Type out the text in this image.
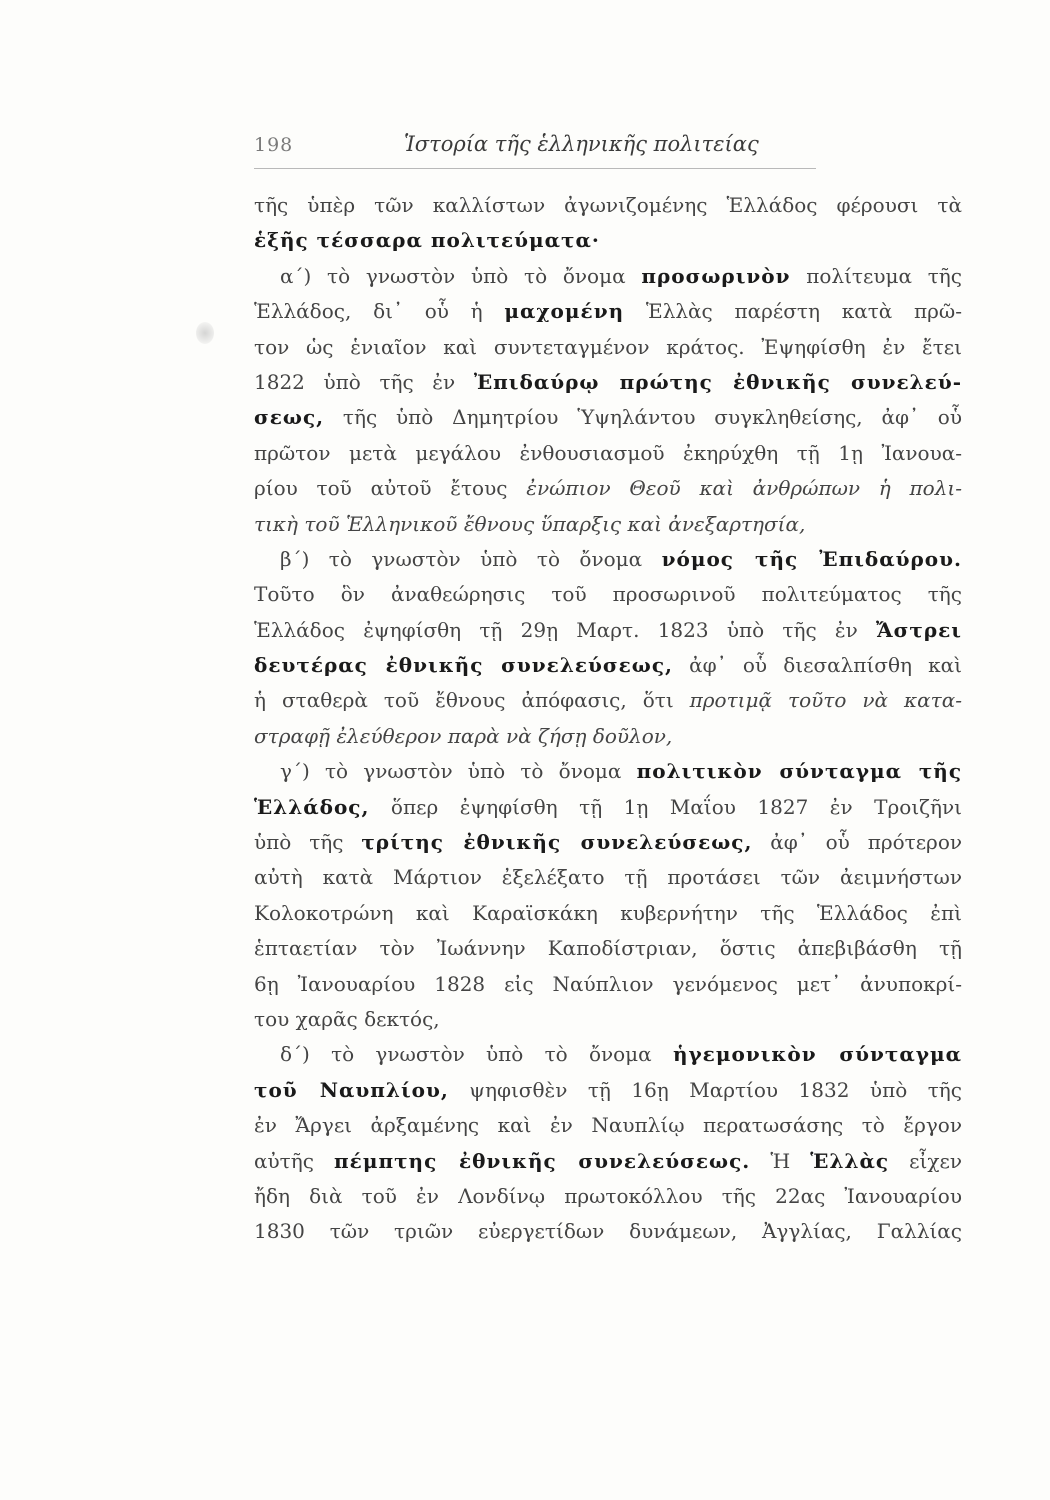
198	Ἱστορία τῆς ἑλληνικῆς πολιτείας
τῆς ὑπὲρ τῶν καλλίστων ἀγωνιζομένης Ἑλλάδος φέρουσι τὰ
ἑξῆς τέσσαρα πολιτεύματα·
α´) τὸ γνωστὸν ὑπὸ τὸ ὄνομα προσωρινὸν πολίτευμα τῆς
Ἑλλάδος, δι᾽ οὗ ἡ μαχομένη Ἑλλὰς παρέστη κατὰ πρῶ-
τον ὡς ἑνιαῖον καὶ συντεταγμένον κράτος. Ἐψηφίσθη ἐν ἔτει
1822 ὑπὸ τῆς ἐν Ἐπιδαύρῳ πρώτης ἐθνικῆς συνελεύ-
σεως, τῆς ὑπὸ Δημητρίου Ὑψηλάντου συγκληθείσης, ἀφ᾽ οὗ
πρῶτον μετὰ μεγάλου ἐνθουσιασμοῦ ἐκηρύχθη τῇ 1ῃ Ἰανουα-
ρίου τοῦ αὐτοῦ ἔτους ἐνώπιον Θεοῦ καὶ ἀνθρώπων ἡ πολι-
τικὴ τοῦ Ἑλληνικοῦ ἔθνους ὕπαρξις καὶ ἀνεξαρτησία,
β´) τὸ γνωστὸν ὑπὸ τὸ ὄνομα νόμος τῆς Ἐπιδαύρου.
Τοῦτο ὃν ἀναθεώρησις τοῦ προσωρινοῦ πολιτεύματος τῆς
Ἑλλάδος ἐψηφίσθη τῇ 29ῃ Μαρτ. 1823 ὑπὸ τῆς ἐν Ἄστρει
δευτέρας ἐθνικῆς συνελεύσεως, ἀφ᾽ οὗ διεσαλπίσθη καὶ
ἡ σταθερὰ τοῦ ἔθνους ἀπόφασις, ὅτι προτιμᾷ τοῦτο νὰ κατα-
στραφῇ ἐλεύθερον παρὰ νὰ ζήσῃ δοῦλον,
γ´) τὸ γνωστὸν ὑπὸ τὸ ὄνομα πολιτικὸν σύνταγμα τῆς
Ἑλλάδος, ὅπερ ἐψηφίσθη τῇ 1ῃ Μαΐου 1827 ἐν Τροιζῆνι
ὑπὸ τῆς τρίτης ἐθνικῆς συνελεύσεως, ἀφ᾽ οὗ πρότερον
αὐτὴ κατὰ Μάρτιον ἐξελέξατο τῇ προτάσει τῶν ἀειμνήστων
Κολοκοτρώνη καὶ Καραϊσκάκη κυβερνήτην τῆς Ἑλλάδος ἐπὶ
ἑπταετίαν τὸν Ἰωάννην Καποδίστριαν, ὅστις ἀπεβιβάσθη τῇ
6ῃ Ἰανουαρίου 1828 εἰς Ναύπλιον γενόμενος μετ᾽ ἀνυποκρί-
του χαρᾶς δεκτός,
δ´) τὸ γνωστὸν ὑπὸ τὸ ὄνομα ἡγεμονικὸν σύνταγμα
τοῦ Ναυπλίου, ψηφισθὲν τῇ 16ῃ Μαρτίου 1832 ὑπὸ τῆς
ἐν Ἄργει ἀρξαμένης καὶ ἐν Ναυπλίῳ περατωσάσης τὸ ἔργον
αὐτῆς πέμπτης ἐθνικῆς συνελεύσεως. Ἡ Ἑλλὰς εἶχεν
ἤδη διὰ τοῦ ἐν Λονδίνῳ πρωτοκόλλου τῆς 22ας Ἰανουαρίου
1830 τῶν τριῶν εὐεργετίδων δυνάμεων, Ἀγγλίας, Γαλλίας
